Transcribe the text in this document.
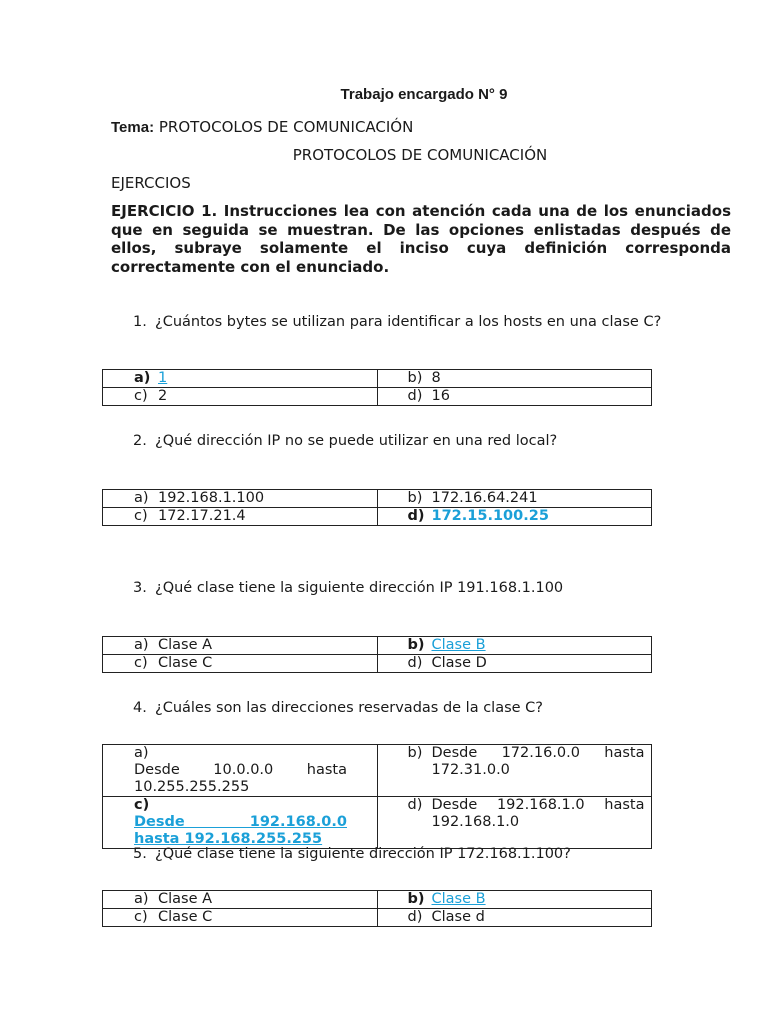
Trabajo encargado N° 9
Tema: PROTOCOLOS DE COMUNICACIÓN
PROTOCOLOS DE COMUNICACIÓN
EJERCCIOS
EJERCICIO 1. Instrucciones lea con atención cada una de los enunciados que en seguida se muestran. De las opciones enlistadas después de ellos, subraye solamente el inciso cuya definición corresponda correctamente con el enunciado.
1. ¿Cuántos bytes se utilizan para identificar a los hosts en una clase C?
a) 1	b) 8
c) 2	d) 16
2. ¿Qué dirección IP no se puede utilizar en una red local?
a) 192.168.1.100	b) 172.16.64.241
c) 172.17.21.4	d) 172.15.100.25
3. ¿Qué clase tiene la siguiente dirección IP 191.168.1.100
a) Clase A	b) Clase B
c) Clase C	d) Clase D
4. ¿Cuáles son las direcciones reservadas de la clase C?
a)
Desde 10.0.0.0 hasta
10.255.255.255	b) Desde 172.16.0.0 hasta
172.31.0.0

c)
Desde 192.168.0.0
hasta 192.168.255.255	d) Desde 192.168.1.0 hasta
192.168.1.0
5. ¿Qué clase tiene la siguiente dirección IP 172.168.1.100?
a) Clase A	b) Clase B
c) Clase C	d) Clase d
